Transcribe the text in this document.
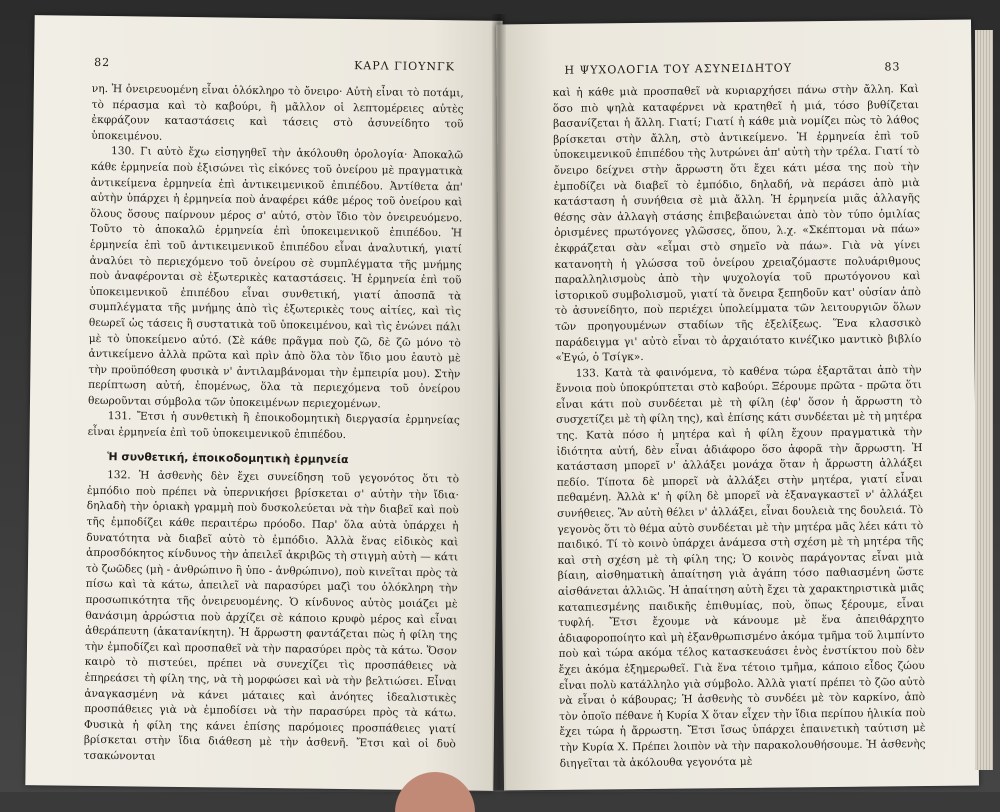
82	ΚΑΡΛ ΓΙΟΥΝΓΚ

νη. Ἡ ὀνειρευομένη εἶναι ὁλόκληρο τὸ ὄνειρο· Αὐτὴ εἶναι τὸ ποτάμι, τὸ πέρασμα καὶ τὸ καβούρι, ἢ μᾶλλον οἱ λεπτομέρειες αὐτὲς ἐκφράζουν καταστάσεις καὶ τάσεις στὸ ἀσυνείδητο τοῦ ὑποκειμένου.

130. Γι αὐτὸ ἔχω εἰσηγηθεῖ τὴν ἀκόλουθη ὁρολογία· Ἀποκαλῶ κάθε ἑρμηνεία ποὺ ἐξισώνει τὶς εἰκόνες τοῦ ὀνείρου μὲ πραγματικὰ ἀντικείμενα ἑρμηνεία ἐπὶ ἀντικειμενικοῦ ἐπιπέδου. Ἀντίθετα ἀπ' αὐτὴν ὑπάρχει ἡ ἑρμηνεία ποὺ ἀναφέρει κάθε μέρος τοῦ ὀνείρου καὶ ὅλους ὅσους παίρνουν μέρος σ' αὐτό, στὸν ἴδιο τὸν ὀνειρευόμενο. Τοῦτο τὸ ἀποκαλῶ ἑρμηνεία ἐπὶ ὑποκειμενικοῦ ἐπιπέδου. Ἡ ἑρμηνεία ἐπὶ τοῦ ἀντικειμενικοῦ ἐπιπέδου εἶναι ἀναλυτική, γιατί ἀναλύει τὸ περιεχόμενο τοῦ ὀνείρου σὲ συμπλέγματα τῆς μνήμης ποὺ ἀναφέρονται σὲ ἐξωτερικὲς καταστάσεις. Ἡ ἑρμηνεία ἐπὶ τοῦ ὑποκειμενικοῦ ἐπιπέδου εἶναι συνθετική, γιατί ἀποσπᾶ τὰ συμπλέγματα τῆς μνήμης ἀπὸ τὶς ἐξωτερικὲς τους αἰτίες, καὶ τὶς θεωρεῖ ὡς τάσεις ἢ συστατικὰ τοῦ ὑποκειμένου, καὶ τὶς ἑνώνει πάλι μὲ τὸ ὑποκείμενο αὐτό. (Σὲ κάθε πρᾶγμα ποὺ ζῶ, δὲ ζῶ μόνο τὸ ἀντικείμενο ἀλλὰ πρῶτα καὶ πρὶν ἀπὸ ὅλα τὸν ἴδιο μου ἑαυτὸ μὲ τὴν προϋπόθεση φυσικὰ ν' ἀντιλαμβάνομαι τὴν ἐμπειρία μου). Στὴν περίπτωση αὐτή, ἑπομένως, ὅλα τὰ περιεχόμενα τοῦ ὀνείρου θεωροῦνται σύμβολα τῶν ὑποκειμένων περιεχομένων.

131. Ἔτσι ἡ συνθετικὴ ἢ ἐποικοδομητικὴ διεργασία ἑρμηνείας εἶναι ἑρμηνεία ἐπὶ τοῦ ὑποκειμενικοῦ ἐπιπέδου.

Ἡ συνθετική, ἐποικοδομητικὴ ἑρμηνεία

132. Ἡ ἀσθενὴς δὲν ἔχει συνείδηση τοῦ γεγονότος ὅτι τὸ ἐμπόδιο ποὺ πρέπει νὰ ὑπερνικήσει βρίσκεται σ' αὐτὴν τὴν ἴδια· δηλαδὴ τὴν ὁριακὴ γραμμὴ ποὺ δυσκολεύεται νὰ τὴν διαβεῖ καὶ ποὺ τῆς ἐμποδίζει κάθε περαιτέρω πρόοδο. Παρ' ὅλα αὐτὰ ὑπάρχει ἡ δυνατότητα νὰ διαβεῖ αὐτὸ τὸ ἐμπόδιο. Ἀλλὰ ἕνας εἰδικὸς καὶ ἀπροσδόκητος κίνδυνος τὴν ἀπειλεῖ ἀκριβῶς τὴ στιγμὴ αὐτὴ — κάτι τὸ ζωῶδες (μὴ - ἀνθρώπινο ἢ ὑπο - ἀνθρώπινο), ποὺ κινεῖται πρὸς τὰ πίσω καὶ τὰ κάτω, ἀπειλεῖ νὰ παρασύρει μαζὶ του ὁλόκληρη τὴν προσωπικότητα τῆς ὀνειρευομένης. Ὁ κίνδυνος αὐτὸς μοιάζει μὲ θανάσιμη ἀρρώστια ποὺ ἀρχίζει σὲ κάποιο κρυφὸ μέρος καὶ εἶναι ἀθεράπευτη (ἀκατανίκητη). Ἡ ἄρρωστη φαντάζεται πὼς ἡ φίλη της τὴν ἐμποδίζει καὶ προσπαθεῖ νὰ τὴν παρασύρει πρὸς τὰ κάτω. Ὅσον καιρὸ τὸ πιστεύει, πρέπει νὰ συνεχίζει τὶς προσπάθειες νὰ ἐπηρεάσει τὴ φίλη της, νὰ τὴ μορφώσει καὶ νὰ τὴν βελτιώσει. Εἶναι ἀναγκασμένη νὰ κάνει μάταιες καὶ ἀνόητες ἰδεαλιστικὲς προσπάθειες γιὰ νὰ ἐμποδίσει νὰ τὴν παρασύρει πρὸς τὰ κάτω. Φυσικὰ ἡ φίλη της κάνει ἐπίσης παρόμοιες προσπάθειες γιατί βρίσκεται στὴν ἴδια διάθεση μὲ τὴν ἀσθενῆ. Ἔτσι καὶ οἱ δυὸ τσακώνονται

Η ΨΥΧΟΛΟΓΙΑ ΤΟΥ ΑΣΥΝΕΙΔΗΤΟΥ	83

καὶ ἡ κάθε μιὰ προσπαθεῖ νὰ κυριαρχήσει πάνω στὴν ἄλλη. Καὶ ὅσο πιὸ ψηλὰ καταφέρνει νὰ κρατηθεῖ ἡ μιά, τόσο βυθίζεται βασανίζεται ἡ ἄλλη. Γιατί; Γιατί ἡ κάθε μιὰ νομίζει πὼς τὸ λάθος βρίσκεται στὴν ἄλλη, στὸ ἀντικείμενο. Ἡ ἑρμηνεία ἐπὶ τοῦ ὑποκειμενικοῦ ἐπιπέδου τὴς λυτρώνει ἀπ' αὐτὴ τὴν τρέλα. Γιατί τὸ ὄνειρο δείχνει στὴν ἄρρωστη ὅτι ἔχει κάτι μέσα της ποὺ τὴν ἐμποδίζει νὰ διαβεῖ τὸ ἐμπόδιο, δηλαδή, νὰ περάσει ἀπὸ μιὰ κατάσταση ἡ συνήθεια σὲ μιὰ ἄλλη. Ἡ ἑρμηνεία μιᾶς ἀλλαγῆς θέσης σὰν ἀλλαγὴ στάσης ἐπιβεβαιώνεται ἀπὸ τὸν τύπο ὁμιλίας ὁρισμένες πρωτόγονες γλῶσσες, ὅπου, λ.χ. «Σκέπτομαι νὰ πάω» ἐκφράζεται σὰν «εἶμαι στὸ σημεῖο νὰ πάω». Γιὰ νὰ γίνει κατανοητὴ ἡ γλώσσα τοῦ ὀνείρου χρειαζόμαστε πολυάριθμους παραλληλισμοὺς ἀπὸ τὴν ψυχολογία τοῦ πρωτόγονου καὶ ἱστορικοῦ συμβολισμοῦ, γιατί τὰ ὄνειρα ξεπηδοῦν κατ' οὐσίαν ἀπὸ τὸ ἀσυνείδητο, ποὺ περιέχει ὑπολείμματα τῶν λειτουργιῶν ὅλων τῶν προηγουμένων σταδίων τῆς ἐξελίξεως. Ἕνα κλασσικὸ παράδειγμα γι' αὐτὸ εἶναι τὸ ἀρχαιότατο κινέζικο μαντικὸ βιβλίο «Ἐγώ, ὁ Τσίγκ».

133. Κατὰ τὰ φαινόμενα, τὸ καθένα τώρα ἐξαρτᾶται ἀπὸ τὴν ἔννοια ποὺ ὑποκρύπτεται στὸ καβούρι. Ξέρουμε πρῶτα - πρῶτα ὅτι εἶναι κάτι ποὺ συνδέεται μὲ τὴ φίλη (ἐφ' ὅσον ἡ ἄρρωστη τὸ συσχετίζει μὲ τὴ φίλη της), καὶ ἐπίσης κάτι συνδέεται μὲ τὴ μητέρα της. Κατὰ πόσο ἡ μητέρα καὶ ἡ φίλη ἔχουν πραγματικὰ τὴν ἰδιότητα αὐτή, δὲν εἶναι ἀδιάφορο ὅσο ἀφορᾶ τὴν ἄρρωστη. Ἡ κατάσταση μπορεῖ ν' ἀλλάξει μονάχα ὅταν ἡ ἄρρωστη ἀλλάξει πεδίο. Τίποτα δὲ μπορεῖ νὰ ἀλλάξει στὴν μητέρα, γιατί εἶναι πεθαμένη. Ἀλλὰ κ' ἡ φίλη δὲ μπορεῖ νὰ ἐξαναγκαστεῖ ν' ἀλλάξει συνήθειες. Ἂν αὐτὴ θέλει ν' ἀλλάξει, εἶναι δουλειὰ της δουλειά. Τὸ γεγονὸς ὅτι τὸ θέμα αὐτὸ συνδέεται μὲ τὴν μητέρα μᾶς λέει κάτι τὸ παιδικό. Τί τὸ κοινὸ ὑπάρχει ἀνάμεσα στὴ σχέση μὲ τὴ μητέρα τῆς καὶ στὴ σχέση μὲ τὴ φίλη της; Ὁ κοινὸς παράγοντας εἶναι μιὰ βίαιη, αἰσθηματικὴ ἀπαίτηση γιὰ ἀγάπη τόσο παθιασμένη ὥστε αἰσθάνεται ἀλλιῶς. Ἡ ἀπαίτηση αὐτὴ ἔχει τὰ χαρακτηριστικὰ μιᾶς καταπιεσμένης παιδικῆς ἐπιθυμίας, ποὺ, ὅπως ξέρουμε, εἶναι τυφλή. Ἔτσι ἔχουμε νὰ κάνουμε μὲ ἕνα ἀπειθάρχητο ἀδιαφοροποίητο καὶ μὴ ἐξανθρωπισμένο ἀκόμα τμῆμα τοῦ λιμπίντο ποὺ καὶ τώρα ακόμα τέλος κατασκευάσει ἑνὸς ἐνστίκτου ποὺ δὲν ἔχει ἀκόμα ἐξημερωθεῖ. Γιὰ ἕνα τέτοιο τμῆμα, κάποιο εἶδος ζώου εἶναι πολὺ κατάλληλο γιὰ σύμβολο. Ἀλλὰ γιατί πρέπει τὸ ζῶο αὐτὸ νὰ εἶναι ὁ κάβουρας; Ἡ ἀσθενὴς τὸ συνδέει μὲ τὸν καρκίνο, ἀπὸ τὸν ὁποῖο πέθανε ἡ Κυρία Χ ὅταν εἶχεν τὴν ἴδια περίπου ἡλικία ποὺ ἔχει τώρα ἡ ἄρρωστη. Ἔτσι ἴσως ὑπάρχει ἐπαινετικὴ ταύτιση μὲ τὴν Κυρία Χ. Πρέπει λοιπὸν νὰ τὴν παρακολουθήσουμε. Ἡ ἀσθενὴς διηγεῖται τὰ ἀκόλουθα γεγονότα μὲ
